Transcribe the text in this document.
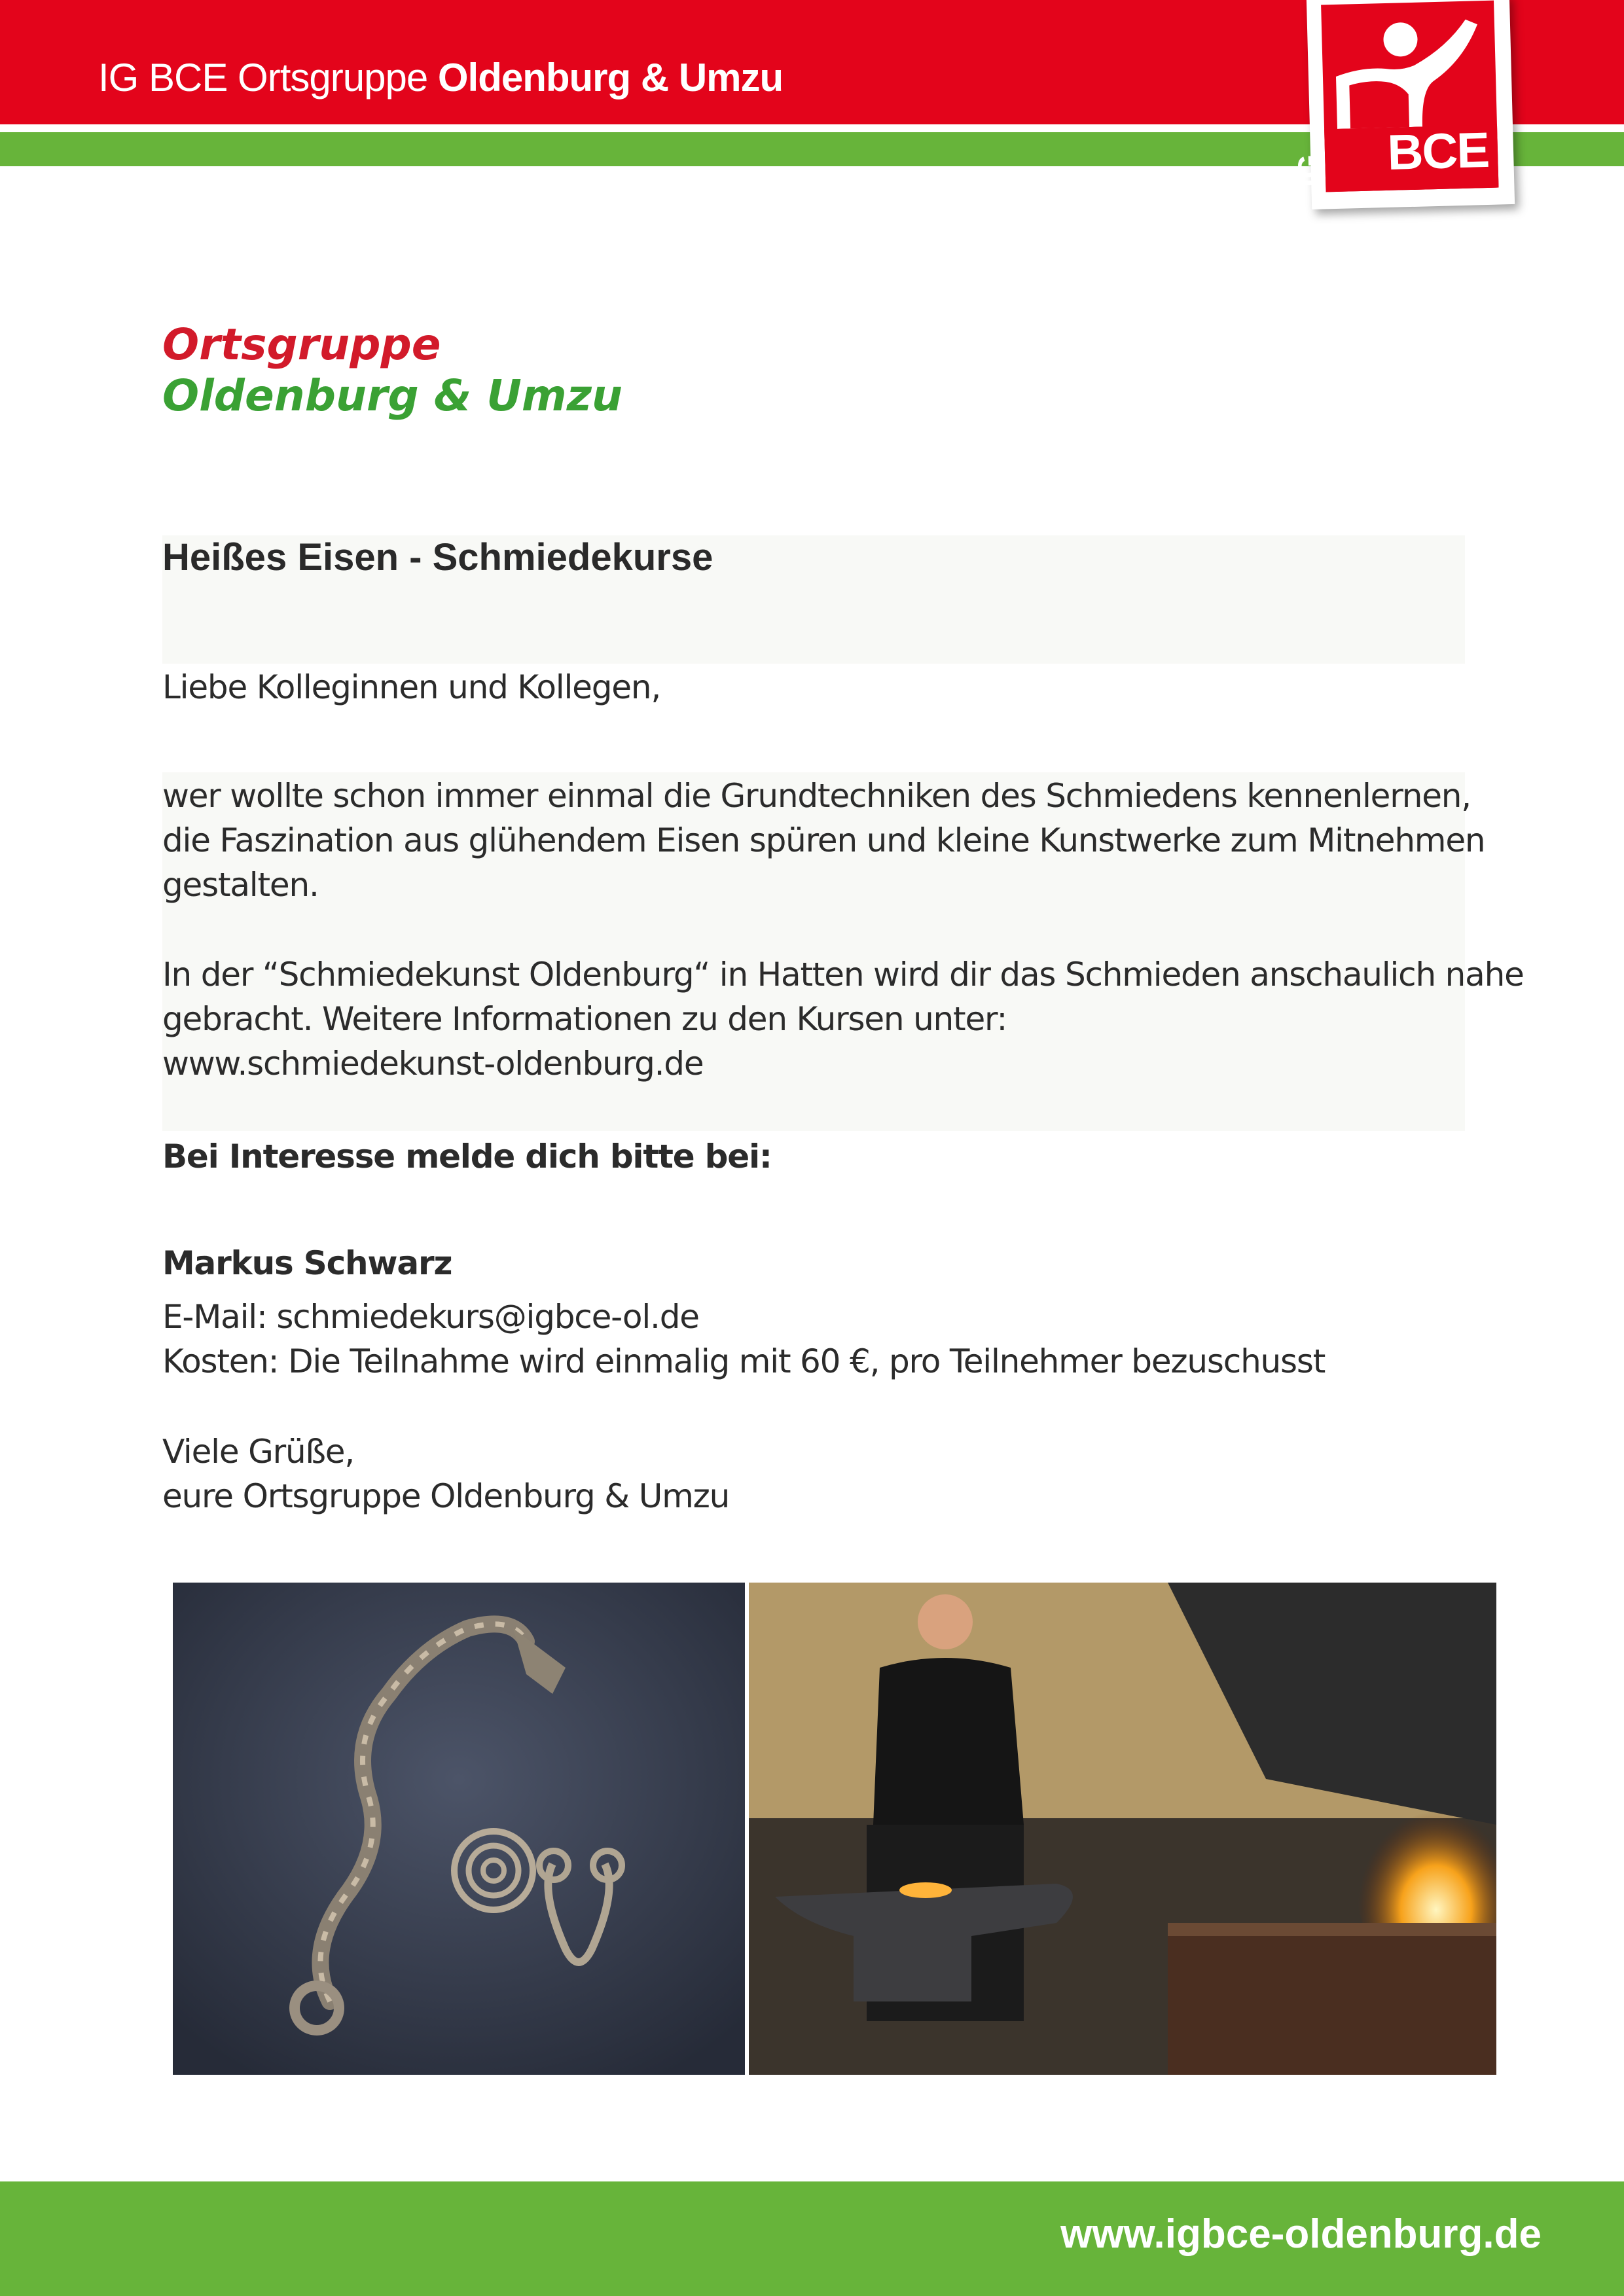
IG BCE Ortsgruppe Oldenburg & Umzu
IG BCE
Ortsgruppe
Oldenburg & Umzu
Heißes Eisen - Schmiedekurse
Liebe Kolleginnen und Kollegen,
wer wollte schon immer einmal die Grundtechniken des Schmiedens kennenlernen,
die Faszination aus glühendem Eisen spüren und kleine Kunstwerke zum Mitnehmen
gestalten.
In der “Schmiedekunst Oldenburg“ in Hatten wird dir das Schmieden anschaulich nahe
gebracht. Weitere Informationen zu den Kursen unter:
www.schmiedekunst-oldenburg.de
Bei Interesse melde dich bitte bei:
Markus Schwarz
E-Mail: schmiedekurs@igbce-ol.de
Kosten: Die Teilnahme wird einmalig mit 60 €, pro Teilnehmer bezuschusst
Viele Grüße,
eure Ortsgruppe Oldenburg & Umzu
www.igbce-oldenburg.de
